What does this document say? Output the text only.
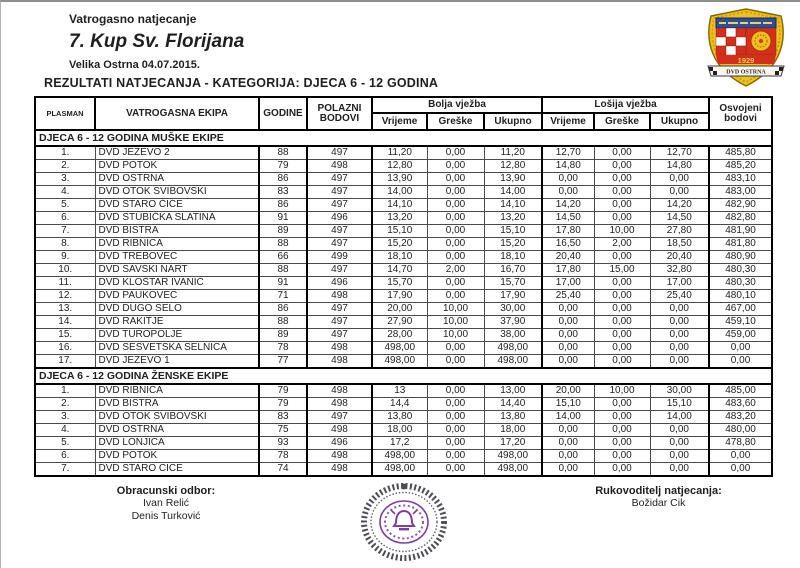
Vatrogasno natjecanje
7. Kup Sv. Florijana
Velika Ostrna 04.07.2015.
REZULTATI NATJECANJA - KATEGORIJA: DJECA 6 - 12 GODINA
1929
DVD OSTRNA
PLASMAN	VATROGASNA EKIPA	GODINE	POLAZNI BODOVI	Bolja vježba			Lošija vježba			Osvojeni bodovi
				Vrijeme	Greške	Ukupno	Vrijeme	Greške	Ukupno	
DJECA 6 - 12 GODINA MUŠKE EKIPE										
1.	DVD JEZEVO 2	88	497	11,20	0,00	11,20	12,70	0,00	12,70	485,80
2.	DVD POTOK	79	498	12,80	0,00	12,80	14,80	0,00	14,80	485,20
3.	DVD OSTRNA	86	497	13,90	0,00	13,90	0,00	0,00	0,00	483,10
4.	DVD OTOK SVIBOVSKI	83	497	14,00	0,00	14,00	0,00	0,00	0,00	483,00
5.	DVD STARO ČIĆE	86	497	14,10	0,00	14,10	14,20	0,00	14,20	482,90
6.	DVD STUBIČKA SLATINA	91	496	13,20	0,00	13,20	14,50	0,00	14,50	482,80
7.	DVD BISTRA	89	497	15,10	0,00	15,10	17,80	10,00	27,80	481,90
8.	DVD RIBNICA	88	497	15,20	0,00	15,20	16,50	2,00	18,50	481,80
9.	DVD TREBOVEC	66	499	18,10	0,00	18,10	20,40	0,00	20,40	480,90
10.	DVD SAVSKI NART	88	497	14,70	2,00	16,70	17,80	15,00	32,80	480,30
11.	DVD KLOŠTAR IVANIĆ	91	496	15,70	0,00	15,70	17,00	0,00	17,00	480,30
12.	DVD PAUKOVEC	71	498	17,90	0,00	17,90	25,40	0,00	25,40	480,10
13.	DVD DUGO SELO	86	497	20,00	10,00	30,00	0,00	0,00	0,00	467,00
14.	DVD RAKITJE	88	497	27,90	10,00	37,90	0,00	0,00	0,00	459,10
15.	DVD TUROPOLJE	89	497	28,00	10,00	38,00	0,00	0,00	0,00	459,00
16.	DVD SESVETSKA SELNICA	78	498	498,00	0,00	498,00	0,00	0,00	0,00	0,00
17.	DVD JEZEVO 1	77	498	498,00	0,00	498,00	0,00	0,00	0,00	0,00
DJECA 6 - 12 GODINA ŽENSKE EKIPE										
1.	DVD RIBNICA	79	498	13	0,00	13,00	20,00	10,00	30,00	485,00
2.	DVD BISTRA	79	498	14,4	0,00	14,40	15,10	0,00	15,10	483,60
3.	DVD OTOK SVIBOVSKI	83	497	13,80	0,00	13,80	14,00	0,00	14,00	483,20
4.	DVD OSTRNA	75	498	18,00	0,00	18,00	0,00	0,00	0,00	480,00
5.	DVD LONJICA	93	496	17,2	0,00	17,20	0,00	0,00	0,00	478,80
6.	DVD POTOK	78	498	498,00	0,00	498,00	0,00	0,00	0,00	0,00
7.	DVD STARO CICE	74	498	498,00	0,00	498,00	0,00	0,00	0,00	0,00
Obracunski odbor:
Ivan Relić
Denis Turković
Rukovoditelj natjecanja:
Božidar Cik
